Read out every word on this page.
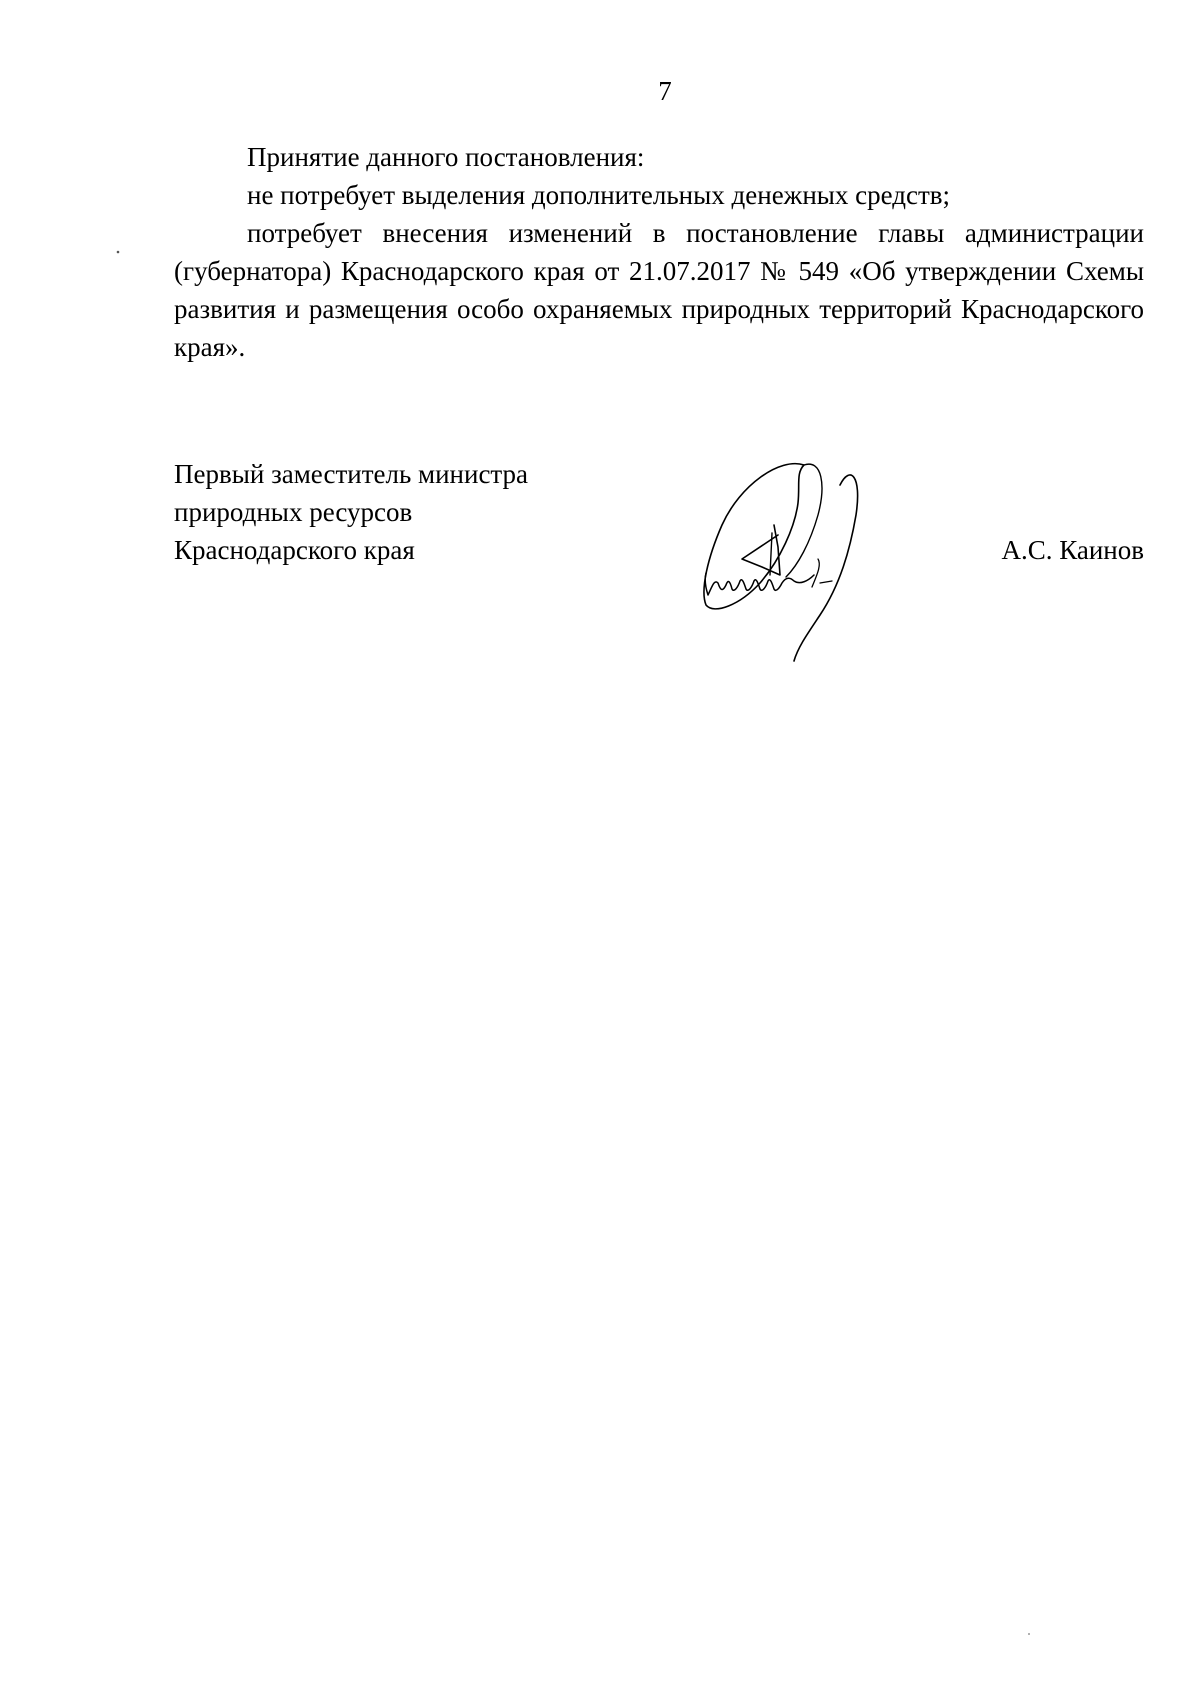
7

Принятие данного постановления:

не потребует выделения дополнительных денежных средств;

потребует внесения изменений в постановление главы администрации (губернатора) Краснодарского края от 21.07.2017 № 549 «Об утверждении Схемы развития и размещения особо охраняемых природных территорий Краснодарского края».

Первый заместитель министра
природных ресурсов
Краснодарского края	А.С. Каинов
